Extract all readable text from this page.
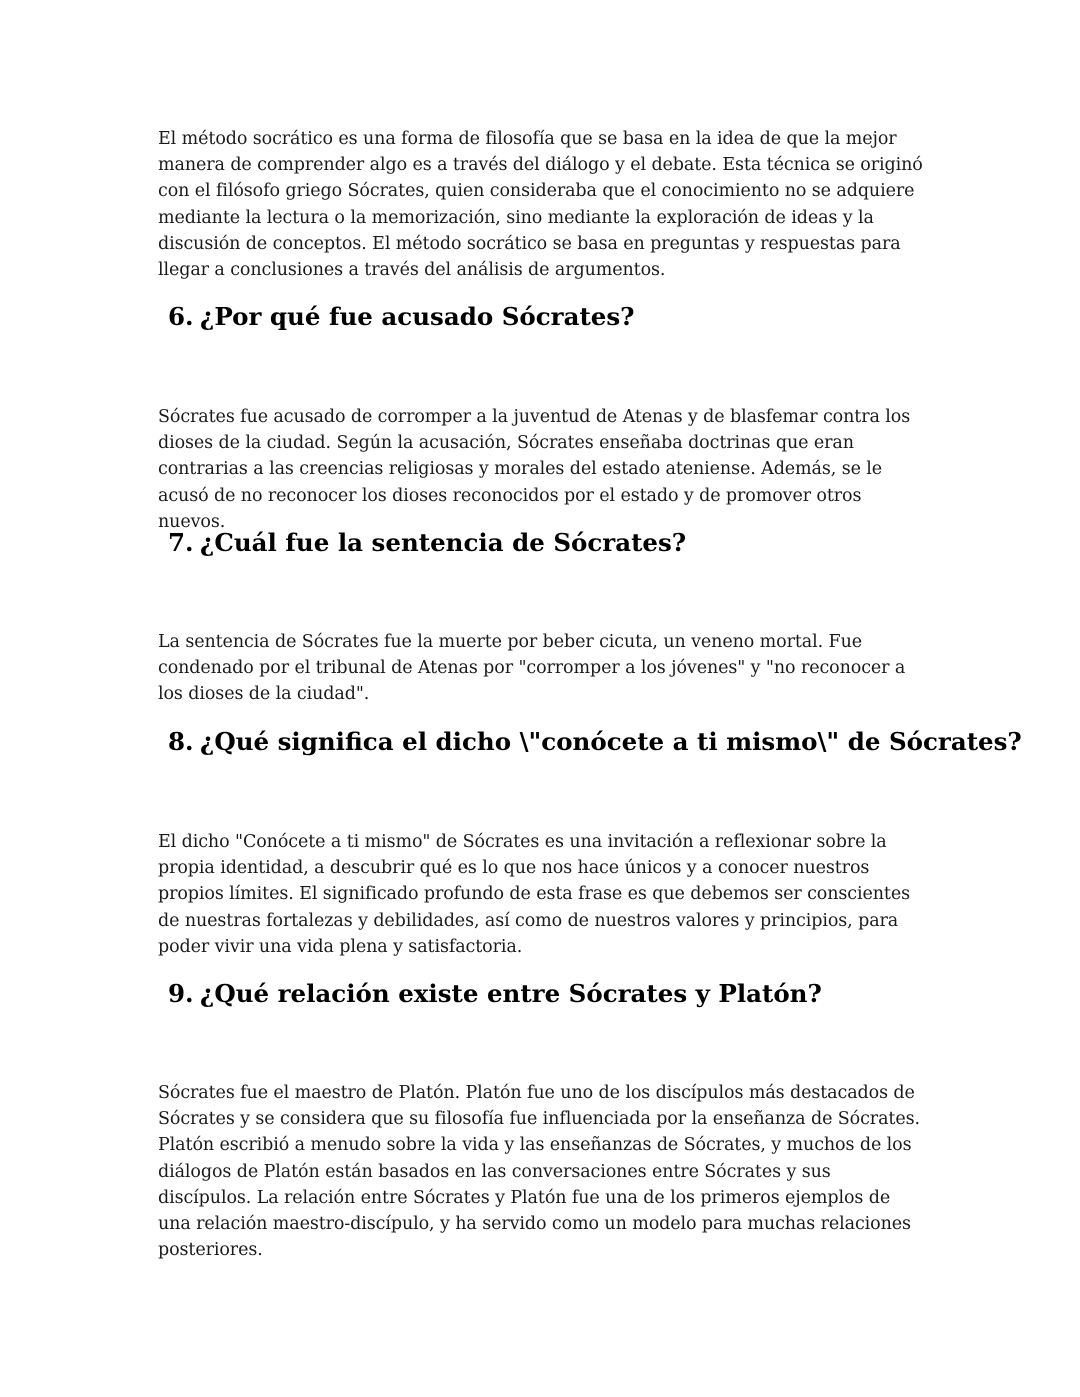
El método socrático es una forma de filosofía que se basa en la idea de que la mejor manera de comprender algo es a través del diálogo y el debate. Esta técnica se originó con el filósofo griego Sócrates, quien consideraba que el conocimiento no se adquiere mediante la lectura o la memorización, sino mediante la exploración de ideas y la discusión de conceptos. El método socrático se basa en preguntas y respuestas para llegar a conclusiones a través del análisis de argumentos.

6. ¿Por qué fue acusado Sócrates?

Sócrates fue acusado de corromper a la juventud de Atenas y de blasfemar contra los dioses de la ciudad. Según la acusación, Sócrates enseñaba doctrinas que eran contrarias a las creencias religiosas y morales del estado ateniense. Además, se le acusó de no reconocer los dioses reconocidos por el estado y de promover otros nuevos.

7. ¿Cuál fue la sentencia de Sócrates?

La sentencia de Sócrates fue la muerte por beber cicuta, un veneno mortal. Fue condenado por el tribunal de Atenas por "corromper a los jóvenes" y "no reconocer a los dioses de la ciudad".

8. ¿Qué significa el dicho \"conócete a ti mismo\" de Sócrates?

El dicho "Conócete a ti mismo" de Sócrates es una invitación a reflexionar sobre la propia identidad, a descubrir qué es lo que nos hace únicos y a conocer nuestros propios límites. El significado profundo de esta frase es que debemos ser conscientes de nuestras fortalezas y debilidades, así como de nuestros valores y principios, para poder vivir una vida plena y satisfactoria.

9. ¿Qué relación existe entre Sócrates y Platón?

Sócrates fue el maestro de Platón. Platón fue uno de los discípulos más destacados de Sócrates y se considera que su filosofía fue influenciada por la enseñanza de Sócrates. Platón escribió a menudo sobre la vida y las enseñanzas de Sócrates, y muchos de los diálogos de Platón están basados en las conversaciones entre Sócrates y sus discípulos. La relación entre Sócrates y Platón fue una de los primeros ejemplos de una relación maestro-discípulo, y ha servido como un modelo para muchas relaciones posteriores.
